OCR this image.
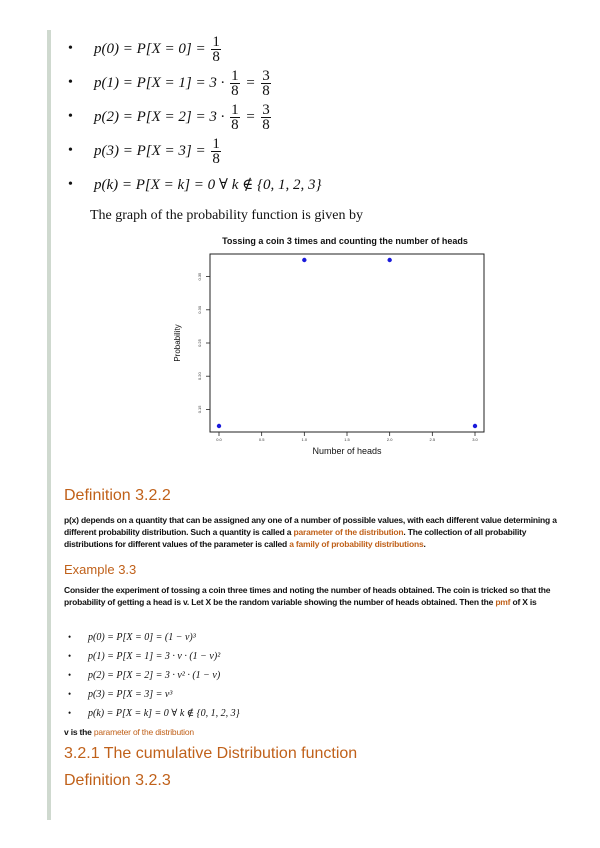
• $p(0) = P[X = 0] = \frac{1}{8}$
• $p(1) = P[X = 1] = 3 \cdot \frac{1}{8} = \frac{3}{8}$
• $p(2) = P[X = 2] = 3 \cdot \frac{1}{8} = \frac{3}{8}$
• $p(3) = P[X = 3] = \frac{1}{8}$
• p(k) = P[X = k] = 0 ∀ k ∉ {0, 1, 2, 3}
The graph of the probability function is given by
Tossing a coin 3 times and counting the number of heads
0.15
0.20
0.25
0.30
0.35
0.0	0.5	1.0	1.5	2.0	2.5	3.0
Number of heads
Probability
Definition 3.2.2

p(x) depends on a quantity that can be assigned any one of a number of possible values, with each different value determining a different probability distribution. Such a quantity is called a parameter of the distribution. The collection of all probability distributions for different values of the parameter is called a family of probability distributions.

Example 3.3

Consider the experiment of tossing a coin three times and noting the number of heads obtained. The coin is tricked so that the probability of getting a head is v. Let X be the random variable showing the number of heads obtained. Then the pmf of X is

• p(0) = P[X = 0] = (1 − v)³
• p(1) = P[X = 1] = 3 · v · (1 − v)²
• p(2) = P[X = 2] = 3 · v² · (1 − v)
• p(3) = P[X = 3] = v³
• p(k) = P[X = k] = 0 ∀ k ∉ {0, 1, 2, 3}

v is the parameter of the distribution

3.2.1 The cumulative Distribution function
Definition 3.2.3
